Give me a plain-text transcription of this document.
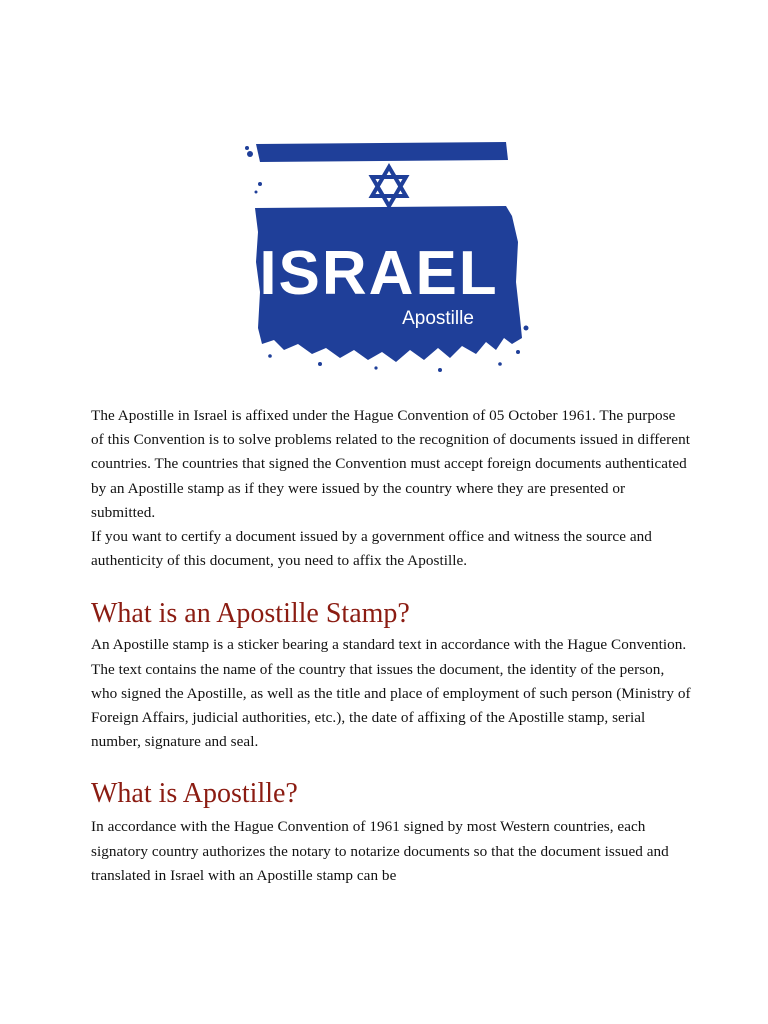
ISRAEL
Apostille

The Apostille in Israel is affixed under the Hague Convention of 05 October 1961. The purpose of this Convention is to solve problems related to the recognition of documents issued in different countries. The countries that signed the Convention must accept foreign documents authenticated by an Apostille stamp as if they were issued by the country where they are presented or submitted.

If you want to certify a document issued by a government office and witness the source and authenticity of this document, you need to affix the Apostille.

What is an Apostille Stamp?

An Apostille stamp is a sticker bearing a standard text in accordance with the Hague Convention. The text contains the name of the country that issues the document, the identity of the person, who signed the Apostille, as well as the title and place of employment of such person (Ministry of Foreign Affairs, judicial authorities, etc.), the date of affixing of the Apostille stamp, serial number, signature and seal.

What is Apostille?

In accordance with the Hague Convention of 1961 signed by most Western countries, each signatory country authorizes the notary to notarize documents so that the document issued and translated in Israel with an Apostille stamp can be
